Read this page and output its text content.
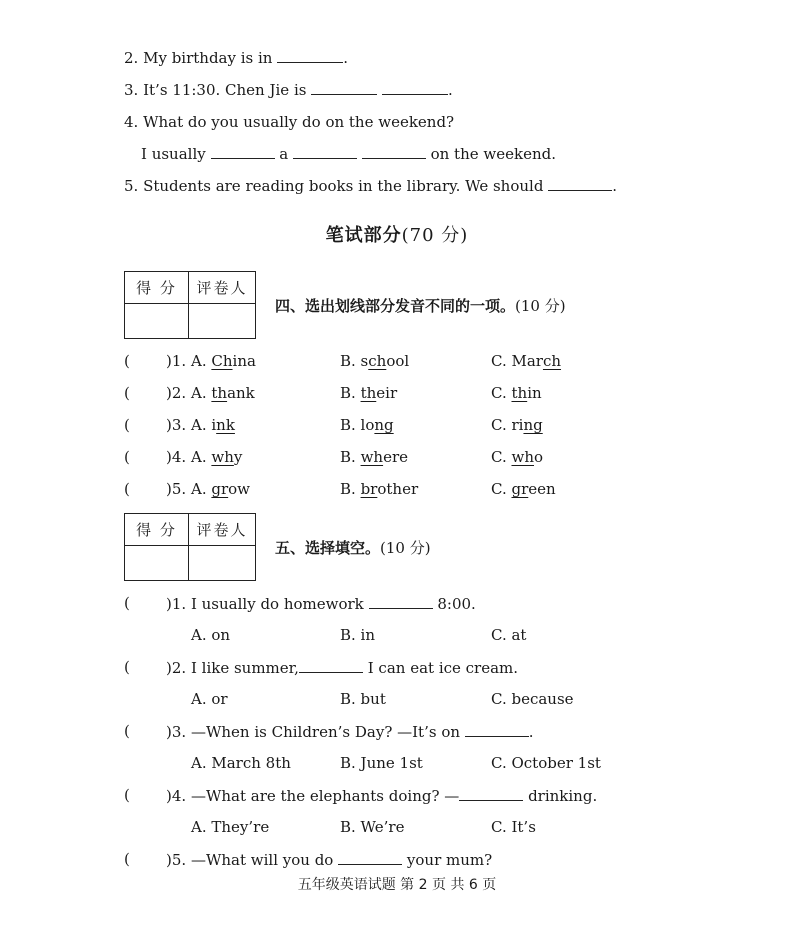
2. My birthday is in	.
3. It’s 11:30. Chen Jie is	.
4. What do you usually do on the weekend?
I usually	a	on the weekend.
5. Students are reading books in the library. We should	.
笔试部分(70 分)
得 分	评卷人
四、选出划线部分发音不同的一项。(10 分)
( )1. A. China	B. school	C. March
( )2. A. thank	B. their	C. thin
( )3. A. ink	B. long	C. ring
( )4. A. why	B. where	C. who
( )5. A. grow	B. brother	C. green
得 分	评卷人
五、选择填空。(10 分)
( )1. I usually do homework	8:00.
A. on	B. in	C. at
( )2. I like summer,	I can eat ice cream.
A. or	B. but	C. because
( )3. —When is Children’s Day? —It’s on	.
A. March 8th	B. June 1st	C. October 1st
( )4. —What are the elephants doing? —	drinking.
A. They’re	B. We’re	C. It’s
( )5. —What will you do	your mum?
五年级英语试题 第 2 页 共 6 页
